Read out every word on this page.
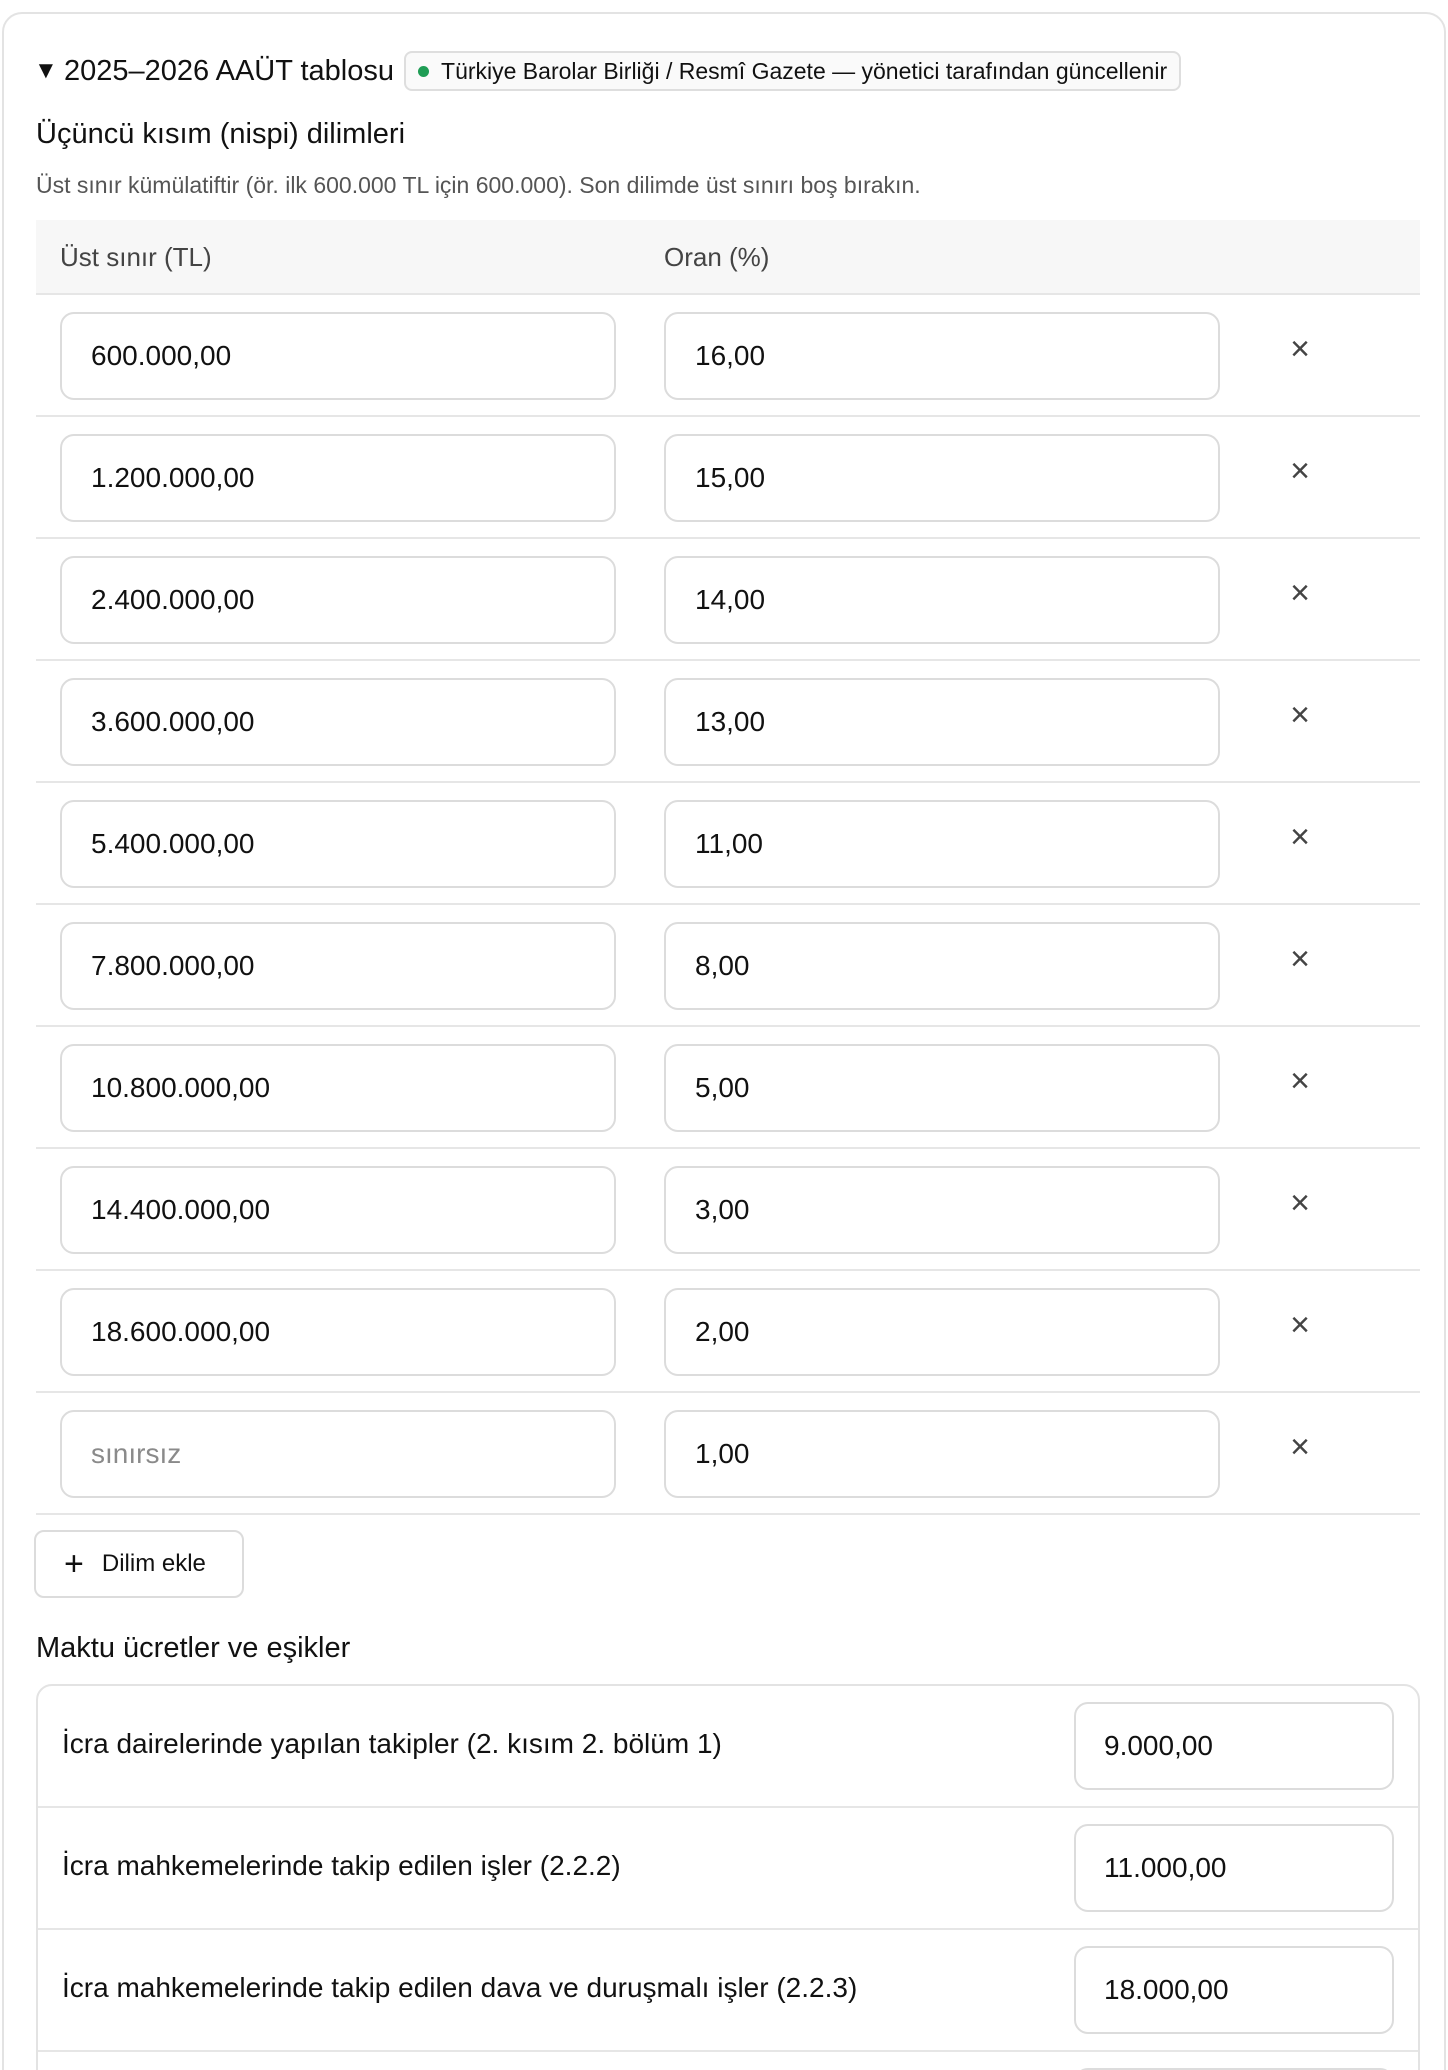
▼ 2025–2026 AAÜT tablosu Türkiye Barolar Birliği / Resmî Gazete — yönetici tarafından güncellenir
Üçüncü kısım (nispi) dilimleri
Üst sınır kümülatiftir (ör. ilk 600.000 TL için 600.000). Son dilimde üst sınırı boş bırakın.
Üst sınır (TL)	Oran (%)
600.000,00	16,00	×
1.200.000,00	15,00	×
2.400.000,00	14,00	×
3.600.000,00	13,00	×
5.400.000,00	11,00	×
7.800.000,00	8,00	×
10.800.000,00	5,00	×
14.400.000,00	3,00	×
18.600.000,00	2,00	×
sınırsız	1,00	×
+ Dilim ekle
Maktu ücretler ve eşikler
İcra dairelerinde yapılan takipler (2. kısım 2. bölüm 1)	9.000,00
İcra mahkemelerinde takip edilen işler (2.2.2)	11.000,00
İcra mahkemelerinde takip edilen dava ve duruşmalı işler (2.2.3)	18.000,00
